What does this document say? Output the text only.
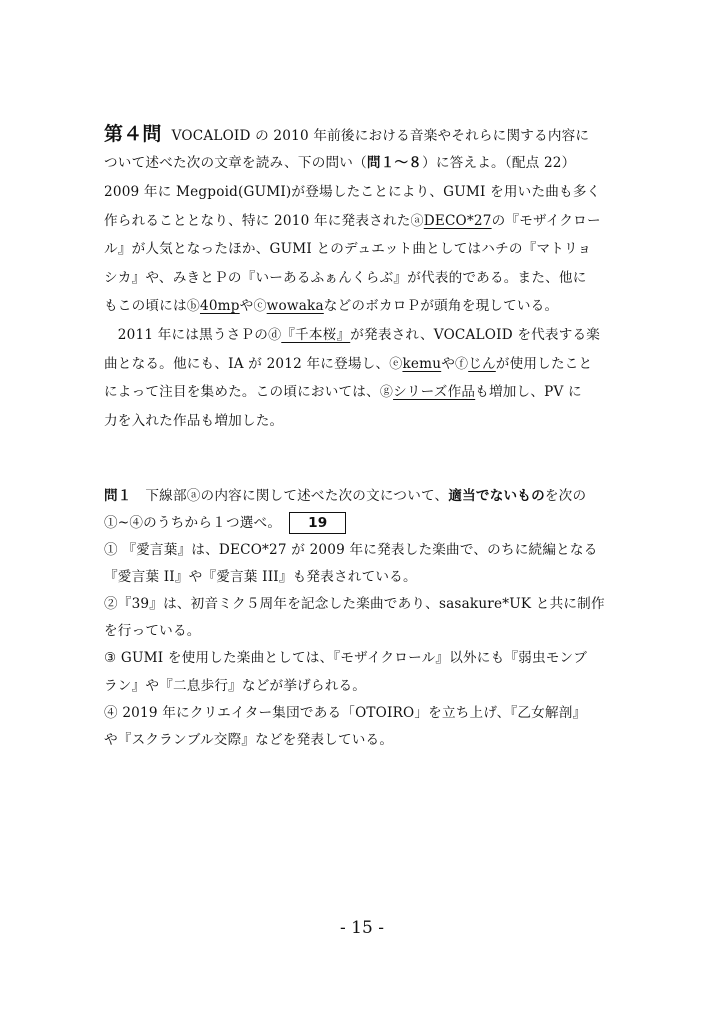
第４問 VOCALOID の 2010 年前後における音楽やそれらに関する内容に
ついて述べた次の文章を読み、下の問い（問１～８）に答えよ。（配点 22）
2009 年に Megpoid(GUMI)が登場したことにより、GUMI を用いた曲も多く
作られることとなり、特に 2010 年に発表されたⓐDECO*27の『モザイクロー
ル』が人気となったほか、GUMI とのデュエット曲としてはハチの『マトリョ
シカ』や、みきとＰの『いーあるふぁんくらぶ』が代表的である。また、他に
もこの頃にはⓑ40mpやⓒwowakaなどのボカロＰが頭角を現している。
　2011 年には黒うさＰのⓓ『千本桜』が発表され、VOCALOID を代表する楽
曲となる。他にも、IA が 2012 年に登場し、ⓔkemuやⓕじんが使用したこと
によって注目を集めた。この頃においては、ⓖシリーズ作品も増加し、PV に
力を入れた作品も増加した。
問１　下線部ⓐの内容に関して述べた次の文について、適当でないものを次の
①~④のうちから１つ選べ。 19
① 『愛言葉』は、DECO*27 が 2009 年に発表した楽曲で、のちに続編となる
『愛言葉 II』や『愛言葉 III』も発表されている。
②『39』は、初音ミク５周年を記念した楽曲であり、sasakure*UK と共に制作
を行っている。
③ GUMI を使用した楽曲としては、『モザイクロール』以外にも『弱虫モンブ
ラン』や『二息歩行』などが挙げられる。
④ 2019 年にクリエイター集団である「OTOIRO」を立ち上げ、『乙女解剖』
や『スクランブル交際』などを発表している。
- 15 -
